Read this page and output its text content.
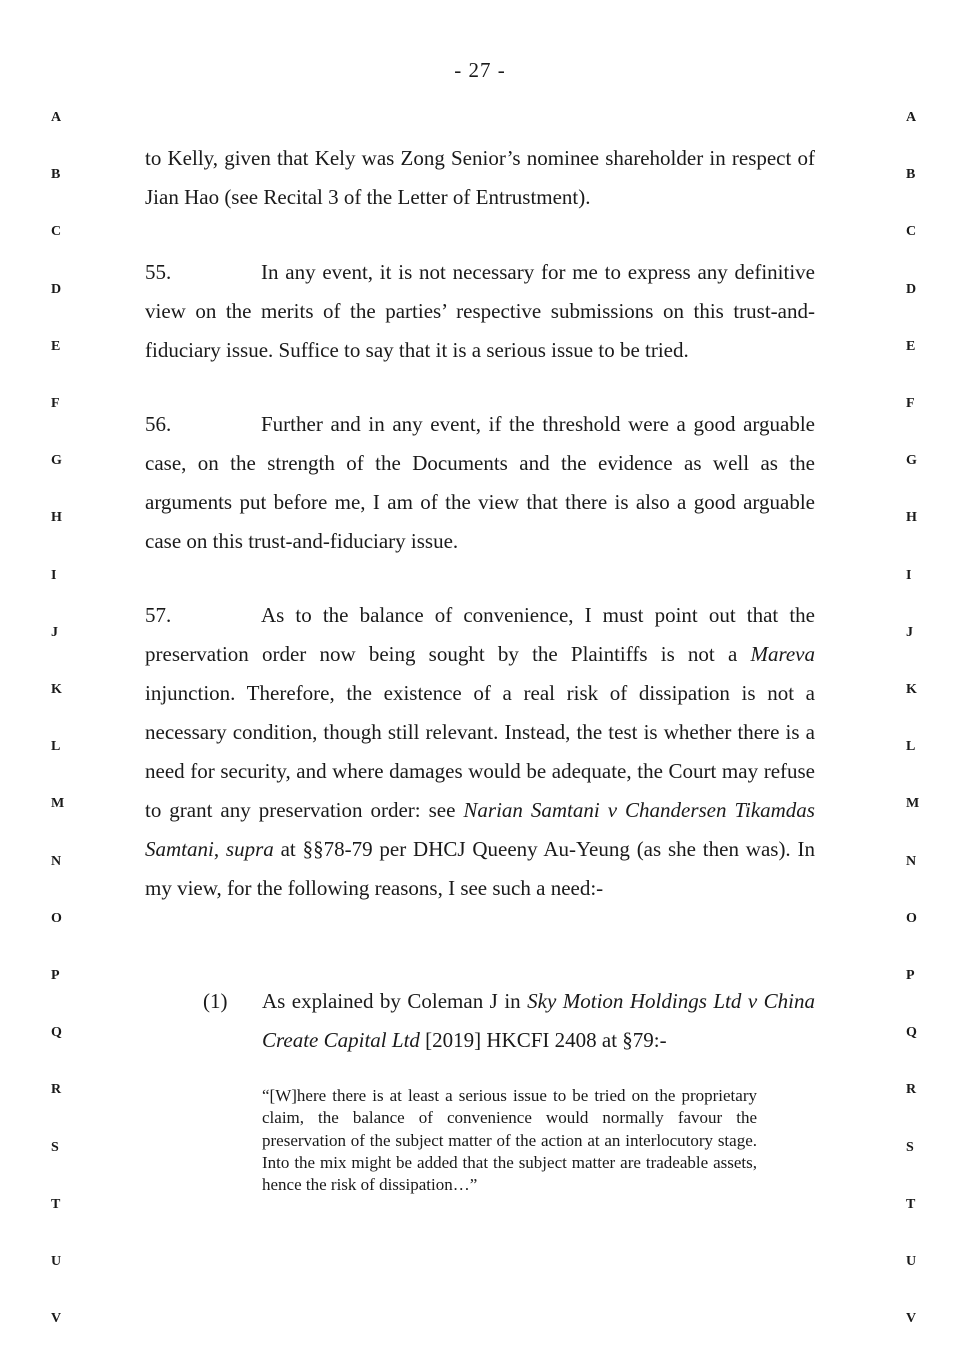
- 27 -
A
B
C
D
E
F
G
H
I
J
K
L
M
N
O
P
Q
R
S
T
U
V
A
B
C
D
E
F
G
H
I
J
K
L
M
N
O
P
Q
R
S
T
U
V
to Kelly, given that Kely was Zong Senior’s nominee shareholder in respect of Jian Hao (see Recital 3 of the Letter of Entrustment).
55.	In any event, it is not necessary for me to express any definitive view on the merits of the parties’ respective submissions on this trust-and-fiduciary issue. Suffice to say that it is a serious issue to be tried.
56.	Further and in any event, if the threshold were a good arguable case, on the strength of the Documents and the evidence as well as the arguments put before me, I am of the view that there is also a good arguable case on this trust-and-fiduciary issue.
57.	As to the balance of convenience, I must point out that the preservation order now being sought by the Plaintiffs is not a Mareva injunction. Therefore, the existence of a real risk of dissipation is not a necessary condition, though still relevant. Instead, the test is whether there is a need for security, and where damages would be adequate, the Court may refuse to grant any preservation order: see Narian Samtani v Chandersen Tikamdas Samtani, supra at §§78-79 per DHCJ Queeny Au-Yeung (as she then was). In my view, for the following reasons, I see such a need:-
(1) As explained by Coleman J in Sky Motion Holdings Ltd v China Create Capital Ltd [2019] HKCFI 2408 at §79:-
“[W]here there is at least a serious issue to be tried on the proprietary claim, the balance of convenience would normally favour the preservation of the subject matter of the action at an interlocutory stage. Into the mix might be added that the subject matter are tradeable assets, hence the risk of dissipation…”
